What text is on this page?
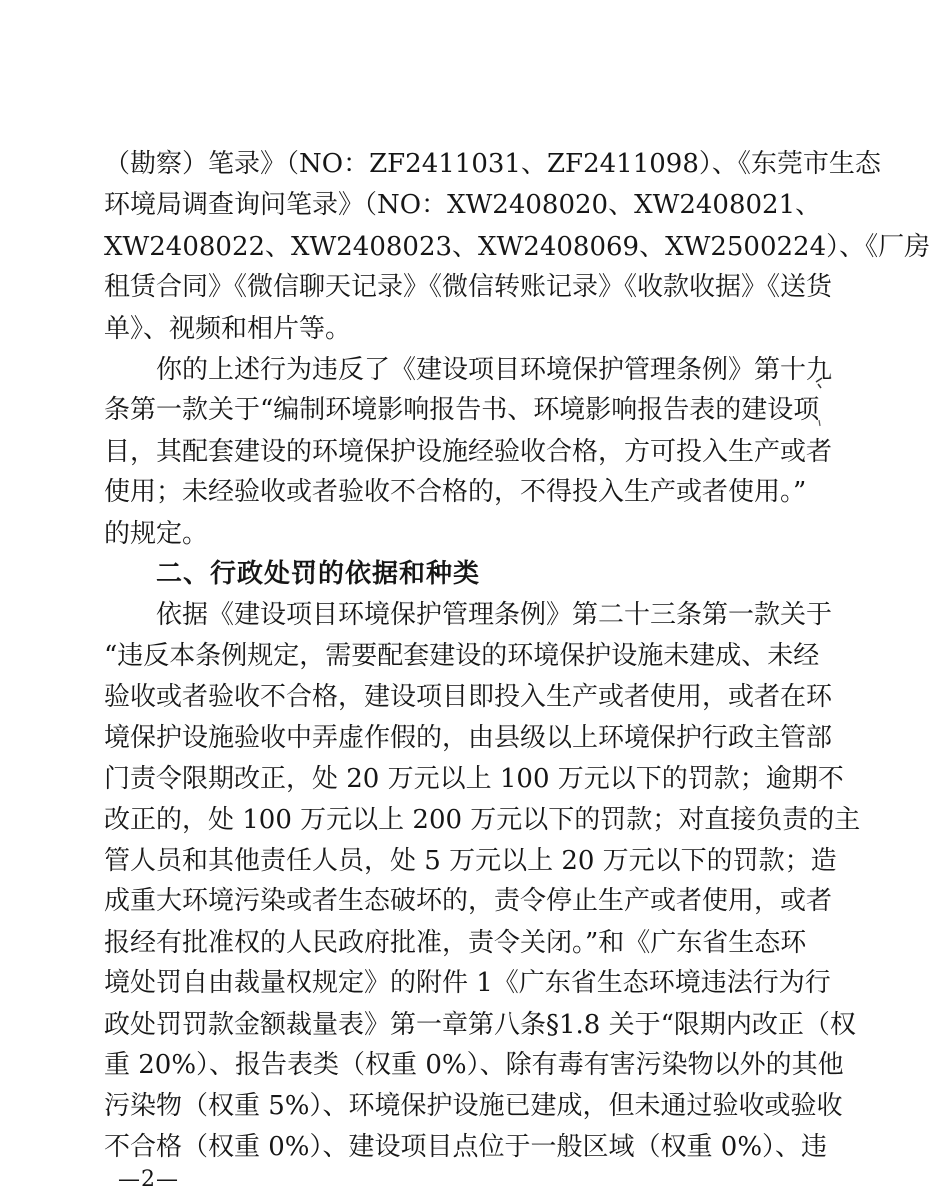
（勘察）笔录》（NO：ZF2411031、ZF2411098）、《东莞市生态
环境局调查询问笔录》（NO：XW2408020、XW2408021、
XW2408022、XW2408023、XW2408069、XW2500224）、《厂房
租赁合同》《微信聊天记录》《微信转账记录》《收款收据》《送货
单》、视频和相片等。
你的上述行为违反了《建设项目环境保护管理条例》第十九
条第一款关于“编制环境影响报告书、环境影响报告表的建设项
目，其配套建设的环境保护设施经验收合格，方可投入生产或者
使用；未经验收或者验收不合格的，不得投入生产或者使用。”
的规定。
二、行政处罚的依据和种类
依据《建设项目环境保护管理条例》第二十三条第一款关于
“违反本条例规定，需要配套建设的环境保护设施未建成、未经
验收或者验收不合格，建设项目即投入生产或者使用，或者在环
境保护设施验收中弄虚作假的，由县级以上环境保护行政主管部
门责令限期改正，处 20 万元以上 100 万元以下的罚款；逾期不
改正的，处 100 万元以上 200 万元以下的罚款；对直接负责的主
管人员和其他责任人员，处 5 万元以上 20 万元以下的罚款；造
成重大环境污染或者生态破坏的，责令停止生产或者使用，或者
报经有批准权的人民政府批准，责令关闭。”和《广东省生态环
境处罚自由裁量权规定》的附件 1《广东省生态环境违法行为行
政处罚罚款金额裁量表》第一章第八条§1.8 关于“限期内改正（权
重 20%）、报告表类（权重 0%）、除有毒有害污染物以外的其他
污染物（权重 5%）、环境保护设施已建成，但未通过验收或验收
不合格（权重 0%）、建设项目点位于一般区域（权重 0%）、违
—2—
